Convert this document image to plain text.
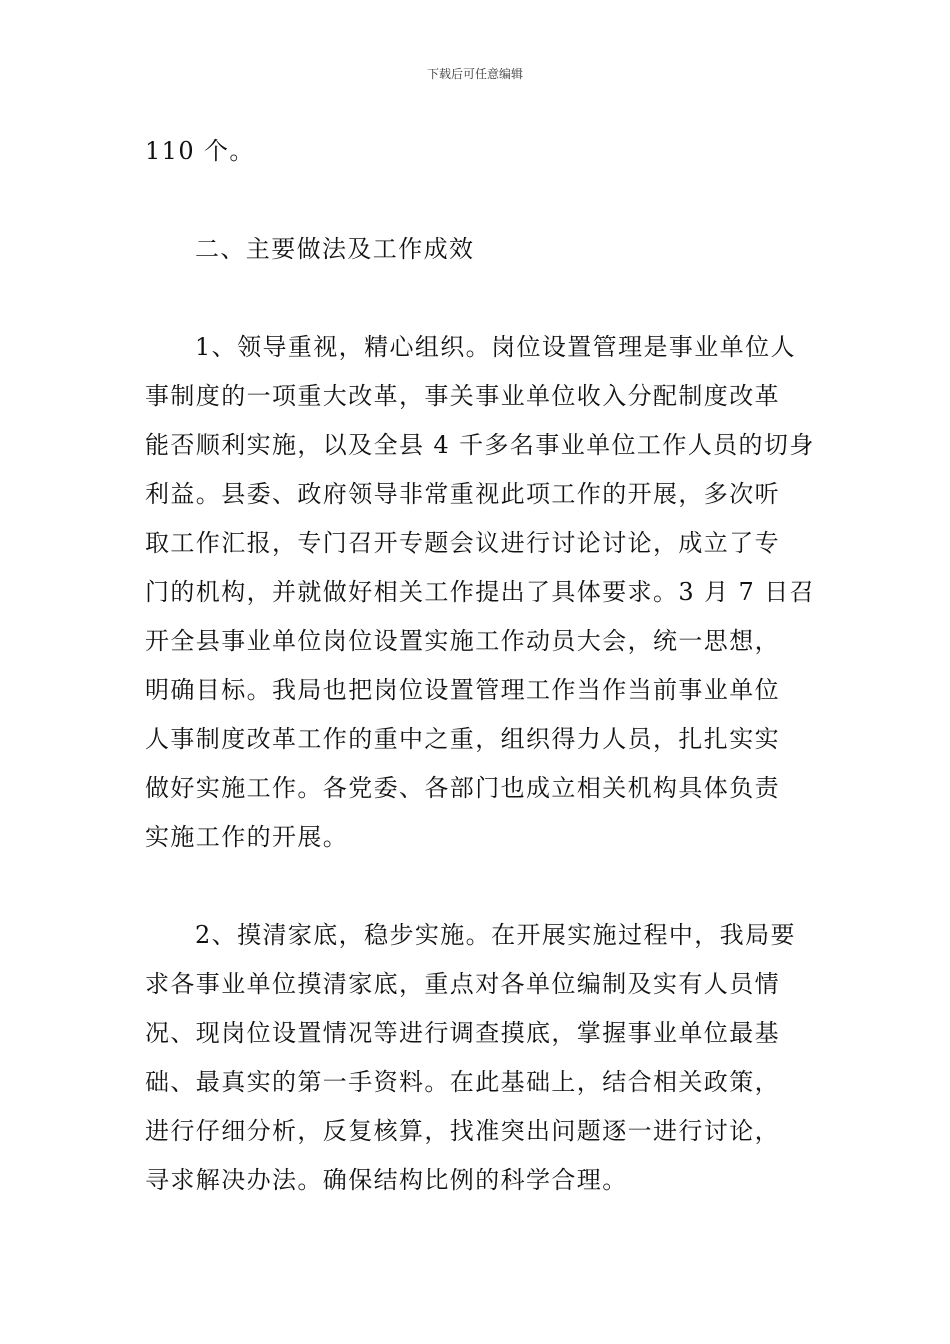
下载后可任意编辑
110 个。
二、主要做法及工作成效
1、领导重视，精心组织。岗位设置管理是事业单位人
事制度的一项重大改革，事关事业单位收入分配制度改革
能否顺利实施，以及全县 4 千多名事业单位工作人员的切身
利益。县委、政府领导非常重视此项工作的开展，多次听
取工作汇报，专门召开专题会议进行讨论讨论，成立了专
门的机构，并就做好相关工作提出了具体要求。3 月 7 日召
开全县事业单位岗位设置实施工作动员大会，统一思想，
明确目标。我局也把岗位设置管理工作当作当前事业单位
人事制度改革工作的重中之重，组织得力人员，扎扎实实
做好实施工作。各党委、各部门也成立相关机构具体负责
实施工作的开展。
2、摸清家底，稳步实施。在开展实施过程中，我局要
求各事业单位摸清家底，重点对各单位编制及实有人员情
况、现岗位设置情况等进行调查摸底，掌握事业单位最基
础、最真实的第一手资料。在此基础上，结合相关政策，
进行仔细分析，反复核算，找准突出问题逐一进行讨论，
寻求解决办法。确保结构比例的科学合理。
